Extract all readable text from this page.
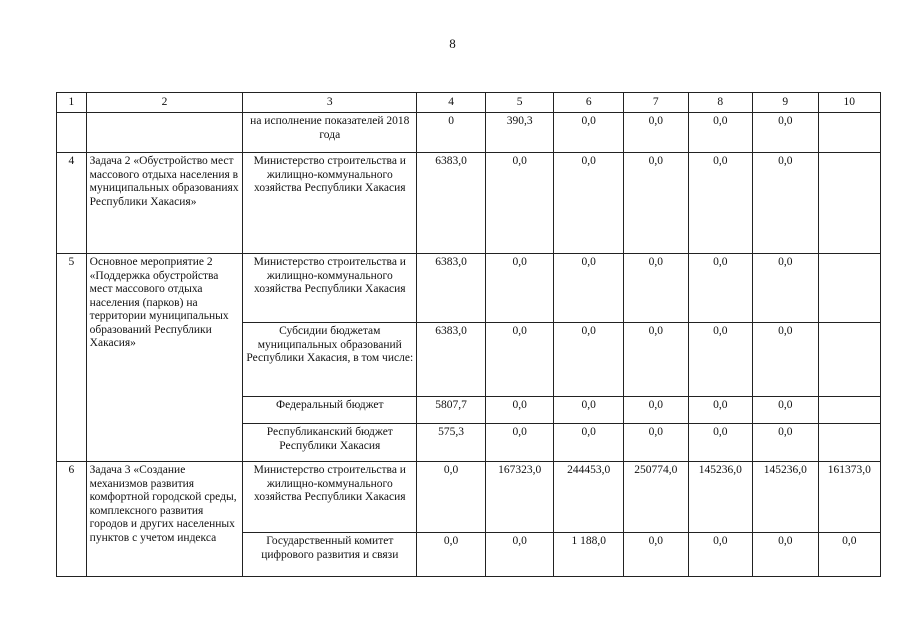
8
1	2	3	4	5	6	7	8	9	10
		на исполнение показателей 2018 года	0	390,3	0,0	0,0	0,0	0,0	
4	Задача 2 «Обустройство мест массового отдыха населения в муниципальных образованиях Республики Хакасия»	Министерство строительства и жилищно-коммунального хозяйства Республики Хакасия	6383,0	0,0	0,0	0,0	0,0	0,0	
5	Основное мероприятие 2 «Поддержка обустройства мест массового отдыха населения (парков) на территории муниципальных образований Республики Хакасия»	Министерство строительства и жилищно-коммунального хозяйства Республики Хакасия	6383,0	0,0	0,0	0,0	0,0	0,0	
		Субсидии бюджетам муниципальных образований Республики Хакасия, в том числе:	6383,0	0,0	0,0	0,0	0,0	0,0	
		Федеральный бюджет	5807,7	0,0	0,0	0,0	0,0	0,0	
		Республиканский бюджет Республики Хакасия	575,3	0,0	0,0	0,0	0,0	0,0	
6	Задача 3 «Создание механизмов развития комфортной городской среды, комплексного развития городов и других населенных пунктов с учетом индекса	Министерство строительства и жилищно-коммунального хозяйства Республики Хакасия	0,0	167323,0	244453,0	250774,0	145236,0	145236,0	161373,0
		Государственный комитет цифрового развития и связи	0,0	0,0	1 188,0	0,0	0,0	0,0	0,0
